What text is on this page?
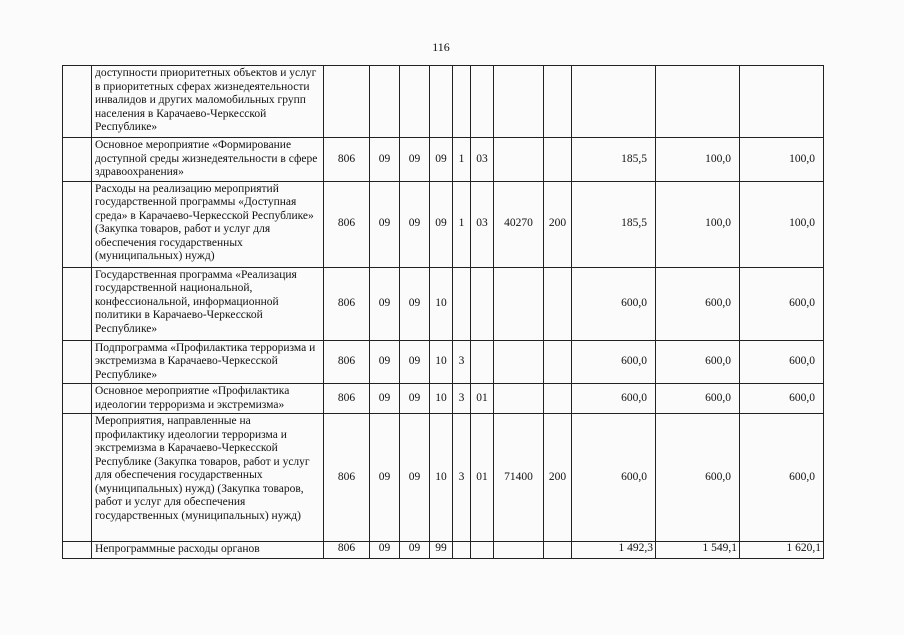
116
	доступности приоритетных объектов и услуг в приоритетных сферах жизнедеятельности инвалидов и других маломобильных групп населения в Карачаево-Черкесской Республике»											
	Основное мероприятие «Формирование доступной среды жизнедеятельности в сфере здравоохранения»	806	09	09	09	1	03			185,5	100,0	100,0
	Расходы на реализацию мероприятий государственной программы «Доступная среда» в Карачаево-Черкесской Республике» (Закупка товаров, работ и услуг для обеспечения государственных (муниципальных) нужд)	806	09	09	09	1	03	40270	200	185,5	100,0	100,0
	Государственная программа «Реализация государственной национальной, конфессиональной, информационной политики в Карачаево-Черкесской Республике»	806	09	09	10					600,0	600,0	600,0
	Подпрограмма «Профилактика терроризма и экстремизма в Карачаево-Черкесской Республике»	806	09	09	10	3				600,0	600,0	600,0
	Основное мероприятие «Профилактика идеологии терроризма и экстремизма»	806	09	09	10	3	01			600,0	600,0	600,0
	Мероприятия, направленные на профилактику идеологии терроризма и экстремизма в Карачаево-Черкесской Республике (Закупка товаров, работ и услуг для обеспечения государственных (муниципальных) нужд) (Закупка товаров, работ и услуг для обеспечения государственных (муниципальных) нужд)	806	09	09	10	3	01	71400	200	600,0	600,0	600,0
	Непрограммные расходы органов	806	09	09	99					1 492,3	1 549,1	1 620,1
